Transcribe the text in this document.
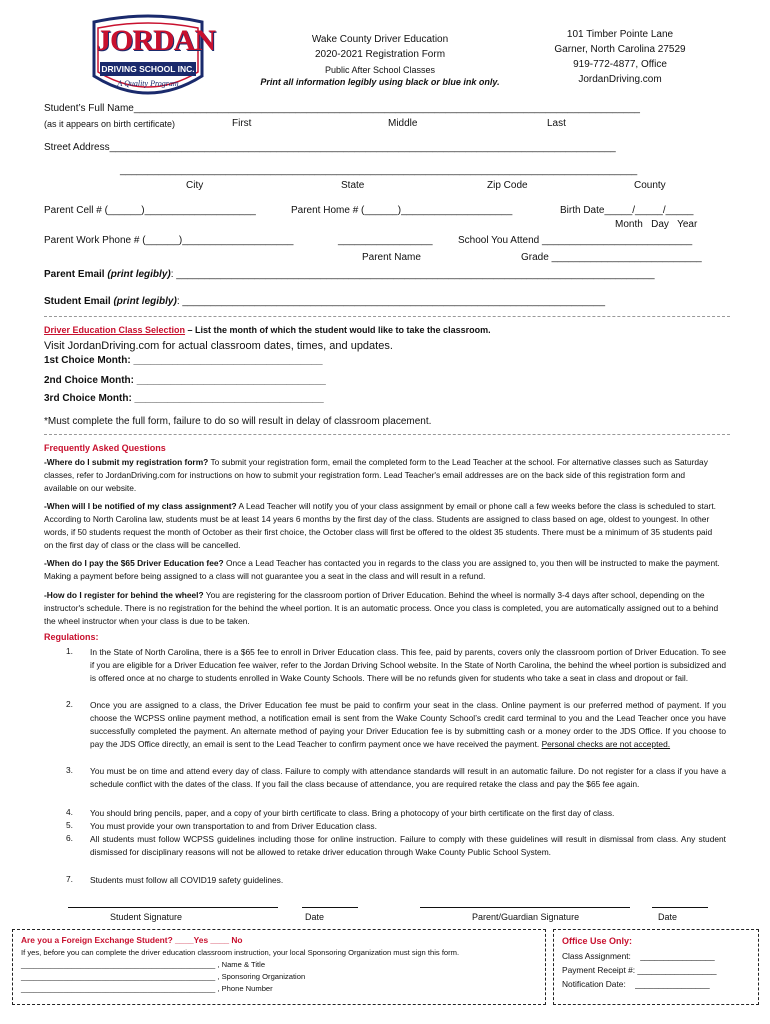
JORDAN
DRIVING SCHOOL INC.
A Quality Program
Wake County Driver Education
2020-2021 Registration Form
Public After School Classes
Print all information legibly using black or blue ink only.
101 Timber Pointe Lane
Garner, North Carolina 27529
919-772-4877, Office
JordanDriving.com
Student’s Full Name___________________________________________________________________________________________
(as it appears on birth certificate)	First	Middle	Last
Street Address___________________________________________________________________________________________
_____________________________________________________________________________________________
City	State	Zip Code	County
Parent Cell # (______)____________________	Parent Home # (______)____________________	Birth Date_____/_____/_____
Month   Day   Year
Parent Work Phone # (______)____________________	_________________	School You Attend ___________________________
Parent Name	Grade ___________________________
Parent Email (print legibly): ______________________________________________________________________________________
Student Email (print legibly): ____________________________________________________________________________
Driver Education Class Selection – List the month of which the student would like to take the classroom.
Visit JordanDriving.com for actual classroom dates, times, and updates.
1st Choice Month: __________________________________
2nd Choice Month: __________________________________
3rd Choice Month: __________________________________
*Must complete the full form, failure to do so will result in delay of classroom placement.
Frequently Asked Questions
-Where do I submit my registration form? To submit your registration form, email the completed form to the Lead Teacher at the school. For alternative classes such as Saturday classes, refer to JordanDriving.com for instructions on how to submit your registration form. Lead Teacher's email addresses are on the back side of this registration form and available on our website.
-When will I be notified of my class assignment? A Lead Teacher will notify you of your class assignment by email or phone call a few weeks before the class is scheduled to start. According to North Carolina law, students must be at least 14 years 6 months by the first day of the class. Students are assigned to class based on age, oldest to youngest. In other words, if 50 students request the month of October as their first choice, the October class will first be offered to the oldest 35 students. There must be a minimum of 35 students paid on the first day of class or the class will be cancelled.
-When do I pay the $65 Driver Education fee? Once a Lead Teacher has contacted you in regards to the class you are assigned to, you then will be instructed to make the payment. Making a payment before being assigned to a class will not guarantee you a seat in the class and will result in a refund.
-How do I register for behind the wheel? You are registering for the classroom portion of Driver Education. Behind the wheel is normally 3-4 days after school, depending on the instructor's schedule. There is no registration for the behind the wheel portion. It is an automatic process. Once you class is completed, you are automatically assigned out to a behind the wheel instructor when your class is due to be taken.
Regulations:
1. In the State of North Carolina, there is a $65 fee to enroll in Driver Education class. This fee, paid by parents, covers only the classroom portion of Driver Education. To see if you are eligible for a Driver Education fee waiver, refer to the Jordan Driving School website. In the State of North Carolina, the behind the wheel portion is subsidized and is offered once at no charge to students enrolled in Wake County Schools. There will be no refunds given for students who take a seat in class and dropout or fail.
2. Once you are assigned to a class, the Driver Education fee must be paid to confirm your seat in the class. Online payment is our preferred method of payment. If you choose the WCPSS online payment method, a notification email is sent from the Wake County School’s credit card terminal to you and the Lead Teacher once you have successfully completed the payment. An alternate method of paying your Driver Education fee is by submitting cash or a money order to the JDS Office. If you choose to pay the JDS Office directly, an email is sent to the Lead Teacher to confirm payment once we have received the payment. Personal checks are not accepted.
3. You must be on time and attend every day of class. Failure to comply with attendance standards will result in an automatic failure. Do not register for a class if you have a schedule conflict with the dates of the class. If you fail the class because of attendance, you are required retake the class and pay the $65 fee again.
4. You should bring pencils, paper, and a copy of your birth certificate to class. Bring a photocopy of your birth certificate on the first day of class.
5. You must provide your own transportation to and from Driver Education class.
6. All students must follow WCPSS guidelines including those for online instruction. Failure to comply with these guidelines will result in dismissal from class. Any student dismissed for disciplinary reasons will not be allowed to retake driver education through Wake County Public School System.
7. Students must follow all COVID19 safety guidelines.
Student Signature	Date	Parent/Guardian Signature	Date
Are you a Foreign Exchange Student? ____Yes ____ No
If yes, before you can complete the driver education classroom instruction, your local Sponsoring Organization must sign this form.
______________________________________________ , Name & Title
______________________________________________ , Sponsoring Organization
______________________________________________ , Phone Number
Office Use Only:
Class Assignment:    ________________
Payment Receipt #: _________________
Notification Date:    ________________
